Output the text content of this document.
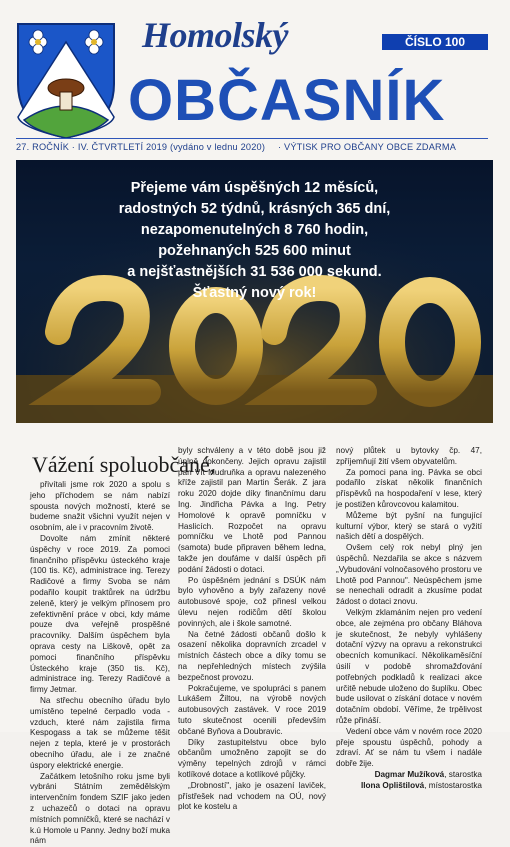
Homolský	ČÍSLO 100
OBČASNÍK
27. ROČNÍK · IV. ČTVRTLETÍ 2019 (vydáno v lednu 2020) · VÝTISK PRO OBČANY OBCE ZDARMA
Přejeme vám úspěšných 12 měsíců,
radostných 52 týdnů, krásných 365 dní,
nezapomenutelných 8 760 hodin,
požehnaných 525 600 minut
a nejšťastnějších 31 536 000 sekund.
Šťastný nový rok!
Vážení spoluobčané,

přivítali jsme rok 2020 a spolu s jeho příchodem se nám nabízí spousta nových možností, které se budeme snažit všichni využít nejen v osobním, ale i v pracovním životě.

Dovolte nám zmínit některé úspěchy v roce 2019. Za pomoci finančního příspěvku ústeckého kraje (100 tis. Kč), administrace ing. Terezy Radičové a firmy Svoba se nám podařilo koupit traktůrek na údržbu zeleně, který je velkým přínosem pro zefektivnění práce v obci, kdy máme pouze dva veřejně prospěšné pracovníky. Dalším úspěchem byla oprava cesty na Liškově, opět za pomoci finančního příspěvku Ústeckého kraje (350 tis. Kč), administrace ing. Terezy Radičové a firmy Jetmar.

Na střechu obecního úřadu bylo umístěno tepelné čerpadlo voda - vzduch, které nám zajistila firma Kespogass a tak se můžeme těšit nejen z tepla, které je v prostorách obecního úřadu, ale i ze značné úspory elektrické energie.

Začátkem letošního roku jsme byli vybráni Státním zemědělským intervenčním fondem SZIF jako jeden z uchazečů o dotaci na opravu místních pomníčků, které se nachází v k.ú Homole u Panny. Jedny boží muka nám

byly schváleny a v této době jsou již úplně dokončeny. Jejich opravu zajistil pan Vít Mudruňka a opravu nalezeného kříže zajistil pan Martin Šerák. Z jara roku 2020 dojde díky finančnímu daru Ing. Jindřicha Pávka a Ing. Petry Homolové k opravě pomníčku v Haslicích. Rozpočet na opravu pomníčku ve Lhotě pod Pannou (samota) bude připraven během ledna, takže jen doufáme v další úspěch při podání žádosti o dotaci.

Po úspěšném jednání s DSÚK nám bylo vyhověno a byly zařazeny nové autobusové spoje, což přinesl velkou úlevu nejen rodičům dětí školou povinných, ale i škole samotné.

Na četné žádosti občanů došlo k osazení několika dopravních zrcadel v místních částech obce a díky tomu se na nepřehledných místech zvýšila bezpečnost provozu.

Pokračujeme, ve spolupráci s panem Lukášem Žiltou, na výrobě nových autobusových zastávek. V roce 2019 tuto skutečnost ocenili především občané Byňova a Doubravic.

Díky zastupitelstvu obce bylo občanům umožněno zapojit se do výměny tepelných zdrojů v rámci kotlíkové dotace a kotlíkové půjčky.

„Drobností", jako je osazení laviček, přístřešek nad vchodem na OÚ, nový plot ke kostelu a

nový plůtek u bytovky čp. 47, zpříjemňují žití všem obyvatelům.

Za pomoci pana ing. Pávka se obci podařilo získat několik finančních příspěvků na hospodaření v lese, který je postižen kůrovcovou kalamitou.

Můžeme být pyšní na fungující kulturní výbor, který se stará o vyžití našich dětí a dospělých.

Ovšem celý rok nebyl plný jen úspěchů. Nezdařila se akce s názvem „Vybudování volnočasového prostoru ve Lhotě pod Pannou". Neúspěchem jsme se nenechali odradit a zkusíme podat žádost o dotaci znovu.

Velkým zklamáním nejen pro vedení obce, ale zejména pro občany Bláhova je skutečnost, že nebyly vyhlášeny dotační výzvy na opravu a rekonstrukci obecních komunikací. Několikaměsíční úsilí v podobě shromažďování potřebných podkladů k realizaci akce určitě nebude uloženo do šuplíku. Obec bude usilovat o získání dotace v novém dotačním období. Věříme, že trpělivost růže přináší.

Vedení obce vám v novém roce 2020 přeje spoustu úspěchů, pohody a zdraví. Ať se nám tu všem i nadále dobře žije.

Dagmar Mužíková, starostka
Ilona Oplištilová, místostarostka
